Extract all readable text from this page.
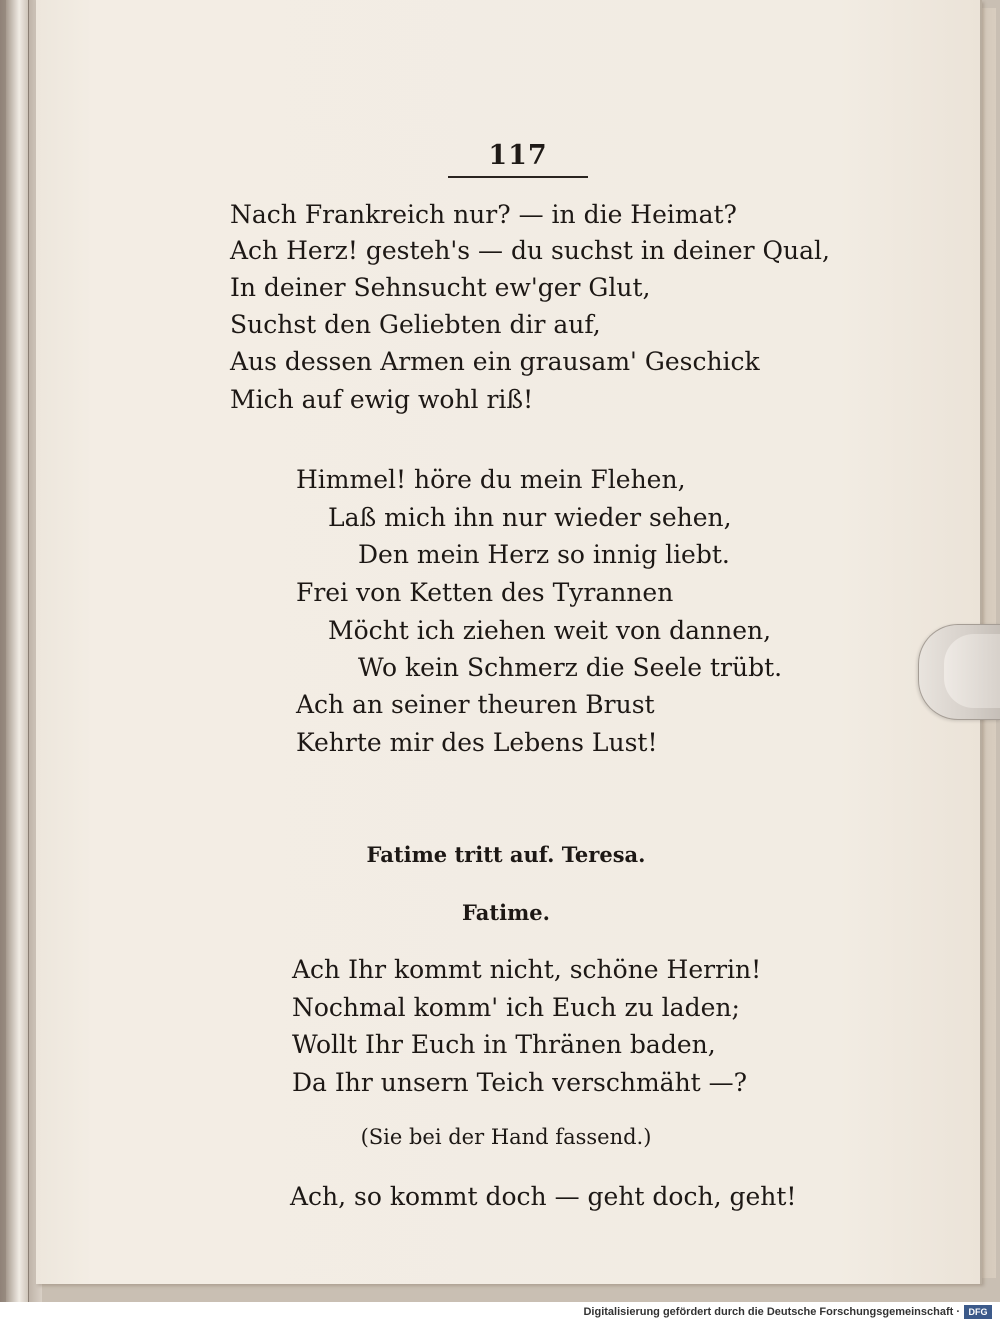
117
Nach Frankreich nur? — in die Heimat?
Ach Herz! gesteh's — du suchst in deiner Qual,
In deiner Sehnsucht ew'ger Glut,
Suchst den Geliebten dir auf,
Aus dessen Armen ein grausam' Geschick
Mich auf ewig wohl riß!
Himmel! höre du mein Flehen,
Laß mich ihn nur wieder sehen,
Den mein Herz so innig liebt.
Frei von Ketten des Tyrannen
Möcht ich ziehen weit von dannen,
Wo kein Schmerz die Seele trübt.
Ach an seiner theuren Brust
Kehrte mir des Lebens Lust!
Fatime tritt auf. Teresa.
Fatime.
Ach Ihr kommt nicht, schöne Herrin!
Nochmal komm' ich Euch zu laden;
Wollt Ihr Euch in Thränen baden,
Da Ihr unsern Teich verschmäht —?
(Sie bei der Hand fassend.)
Ach, so kommt doch — geht doch, geht!
Digitalisierung gefördert durch die Deutsche Forschungsgemeinschaft · DFG
